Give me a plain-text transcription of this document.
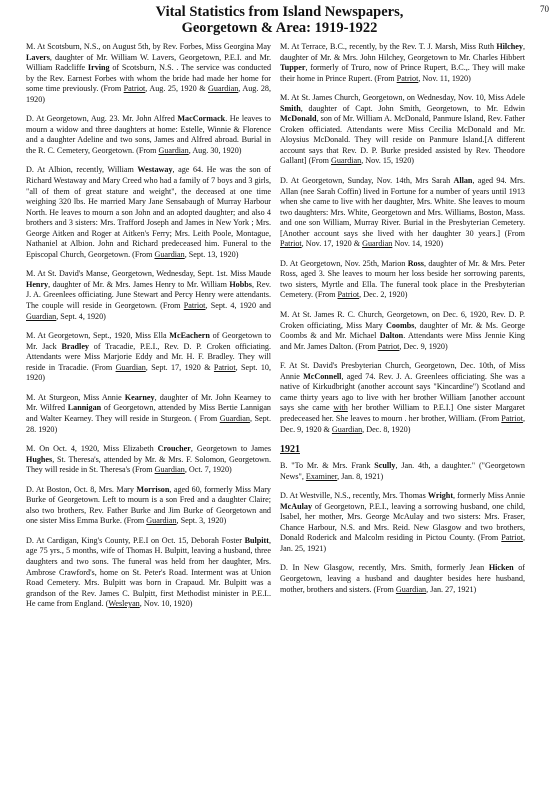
Vital Statistics from Island Newspapers,

Georgetown & Area: 1919-1922

70

M. At Scotsburn, N.S., on August 5th, by Rev. Forbes, Miss Georgina May Lavers, daughter of Mr. William W. Lavers, Georgetown, P.E.I. and Mr. William Radcliffe Irving of Scotsburn, N.S. . The service was conducted by the Rev. Earnest Forbes with whom the bride had made her home for some time previously. (From Patriot, Aug. 25, 1920 & Guardian, Aug. 28, 1920)

D. At Georgetown, Aug. 23. Mr. John Alfred MacCormack. He leaves to mourn a widow and three daughters at home: Estelle, Winnie & Florence and a daughter Adeline and two sons, James and Alfred abroad. Burial in the R. C. Cemetery, Georgetown. (From Guardian, Aug. 30, 1920)

D. At Albion, recently, William Westaway, age 64. He was the son of Richard Westaway and Mary Creed who had a family of 7 boys and 3 girls, "all of them of great stature and weight", the deceased at one time weighing 320 lbs. He married Mary Jane Sensabaugh of Murray Harbour North. He leaves to mourn a son John and an adopted daughter; and also 4 brothers and 3 sisters: Mrs. Trafford Joseph and James in New York ; Mrs. George Aitken and Roger at Aitken's Ferry; Mrs. Leith Poole, Montague, Nathaniel at Albion. John and Richard predeceased him. Funeral to the Episcopal Church, Georgetown. (From Guardian, Sept. 13, 1920)

M. At St. David's Manse, Georgetown, Wednesday, Sept. 1st. Miss Maude Henry, daughter of Mr. & Mrs. James Henry to Mr. William Hobbs, Rev. J. A. Greenlees officiating. June Stewart and Percy Henry were attendants. The couple will reside in Georgetown. (From Patriot, Sept. 4, 1920 and Guardian, Sept. 4, 1920)

M. At Georgetown, Sept., 1920, Miss Ella McEachern of Georgetown to Mr. Jack Bradley of Tracadie, P.E.I., Rev. D. P. Croken officiating. Attendants were Miss Marjorie Eddy and Mr. H. F. Bradley. They will reside in Tracadie. (From Guardian, Sept. 17, 1920 & Patriot, Sept. 10, 1920)

M. At Sturgeon, Miss Annie Kearney, daughter of Mr. John Kearney to Mr. Wilfred Lannigan of Georgetown, attended by Miss Bertie Lannigan and Walter Kearney. They will reside in Sturgeon. ( From Guardian, Sept. 28. 1920)

M. On Oct. 4, 1920, Miss Elizabeth Croucher, Georgetown to James Hughes, St. Theresa's, attended by Mr. & Mrs. F. Solomon, Georgetown. They will reside in St. Theresa's (From Guardian, Oct. 7, 1920)

D. At Boston, Oct. 8, Mrs. Mary Morrison, aged 60, formerly Miss Mary Burke of Georgetown. Left to mourn is a son Fred and a daughter Claire; also two brothers, Rev. Father Burke and Jim Burke of Georgetown and one sister Miss Emma Burke. (From Guardian, Sept. 3, 1920)

D. At Cardigan, King's County, P.E.I on Oct. 15, Deborah Foster Bulpitt, age 75 yrs., 5 months, wife of Thomas H. Bulpitt, leaving a husband, three daughters and two sons. The funeral was held from her daughter, Mrs. Ambrose Crawford's, home on St. Peter's Road. Interment was at Union Road Cemetery. Mrs. Bulpitt was born in Crapaud. Mr. Bulpitt was a grandson of the Rev. James C. Bulpitt, first Methodist minister in P.E.I.. He came from England. (Wesleyan, Nov. 10, 1920)

M. At Terrace, B.C., recently, by the Rev. T. J. Marsh, Miss Ruth Hilchey, daughter of Mr. & Mrs. John Hilchey, Georgetown to Mr. Charles Hibbert Tupper, formerly of Truro, now of Prince Rupert, B.C.,. They will make their home in Prince Rupert. (From Patriot, Nov. 11, 1920)

M. At St. James Church, Georgetown, on Wednesday, Nov. 10, Miss Adele Smith, daughter of Capt. John Smith, Georgetown, to Mr. Edwin McDonald, son of Mr. William A. McDonald, Panmure Island, Rev. Father Croken officiated. Attendants were Miss Cecilia McDonald and Mr. Aloysius McDonald. They will reside on Panmure Island.[A different account says that Rev. D. P. Burke presided assisted by Rev. Theodore Gallant] (From Guardian, Nov. 15, 1920)

D. At Georgetown, Sunday, Nov. 14th, Mrs Sarah Allan, aged 94. Mrs. Allan (nee Sarah Coffin) lived in Fortune for a number of years until 1913 when she came to live with her daughter, Mrs. White. She leaves to mourn two daughters: Mrs. White, Georgetown and Mrs. Williams, Boston, Mass. and one son William, Murray River. Burial in the Presbyterian Cemetery. [Another account says she lived with her daughter 30 years.] (From Patriot, Nov. 17, 1920 & Guardian Nov. 14, 1920)

D. At Georgetown, Nov. 25th, Marion Ross, daughter of Mr. & Mrs. Peter Ross, aged 3. She leaves to mourn her loss beside her sorrowing parents, two sisters, Myrtle and Ella. The funeral took place in the Presbyterian Cemetery. (From Patriot, Dec. 2, 1920)

M. At St. James R. C. Church, Georgetown, on Dec. 6, 1920, Rev. D. P. Croken officiating, Miss Mary Coombs, daughter of Mr. & Ms. George Coombs & and Mr. Michael Dalton. Attendants were Miss Jennie King and Mr. James Dalton. (From Patriot, Dec. 9, 1920)

F. At St. David's Presbyterian Church, Georgetown, Dec. 10th, of Miss Annie McConnell, aged 74. Rev. J. A. Greenlees officiating. She was a native of Kirkudbright (another account says "Kincardine") Scotland and came thirty years ago to live with her brother William [another account says she came with her brother William to P.E.I.] One sister Margaret predeceased her. She leaves to mourn . her brother, William. (From Patriot, Dec. 9, 1920 & Guardian, Dec. 8, 1920)

1921

B. "To Mr. & Mrs. Frank Scully, Jan. 4th, a daughter." ("Georgetown News", Examiner, Jan. 8, 1921)

D. At Westville, N.S., recently, Mrs. Thomas Wright, formerly Miss Annie McAulay of Georgetown, P.E.I., leaving a sorrowing husband, one child, Isabel, her mother, Mrs. George McAulay and two sisters: Mrs. Fraser, Chance Harbour, N.S. and Mrs. Reid. New Glasgow and two brothers, Donald Roderick and Malcolm residing in Pictou County. (From Patriot, Jan. 25, 1921)

D. In New Glasgow, recently, Mrs. Smith, formerly Jean Hicken of Georgetown, leaving a husband and daughter besides here husband, mother, brothers and sisters. (From Guardian, Jan. 27, 1921)
